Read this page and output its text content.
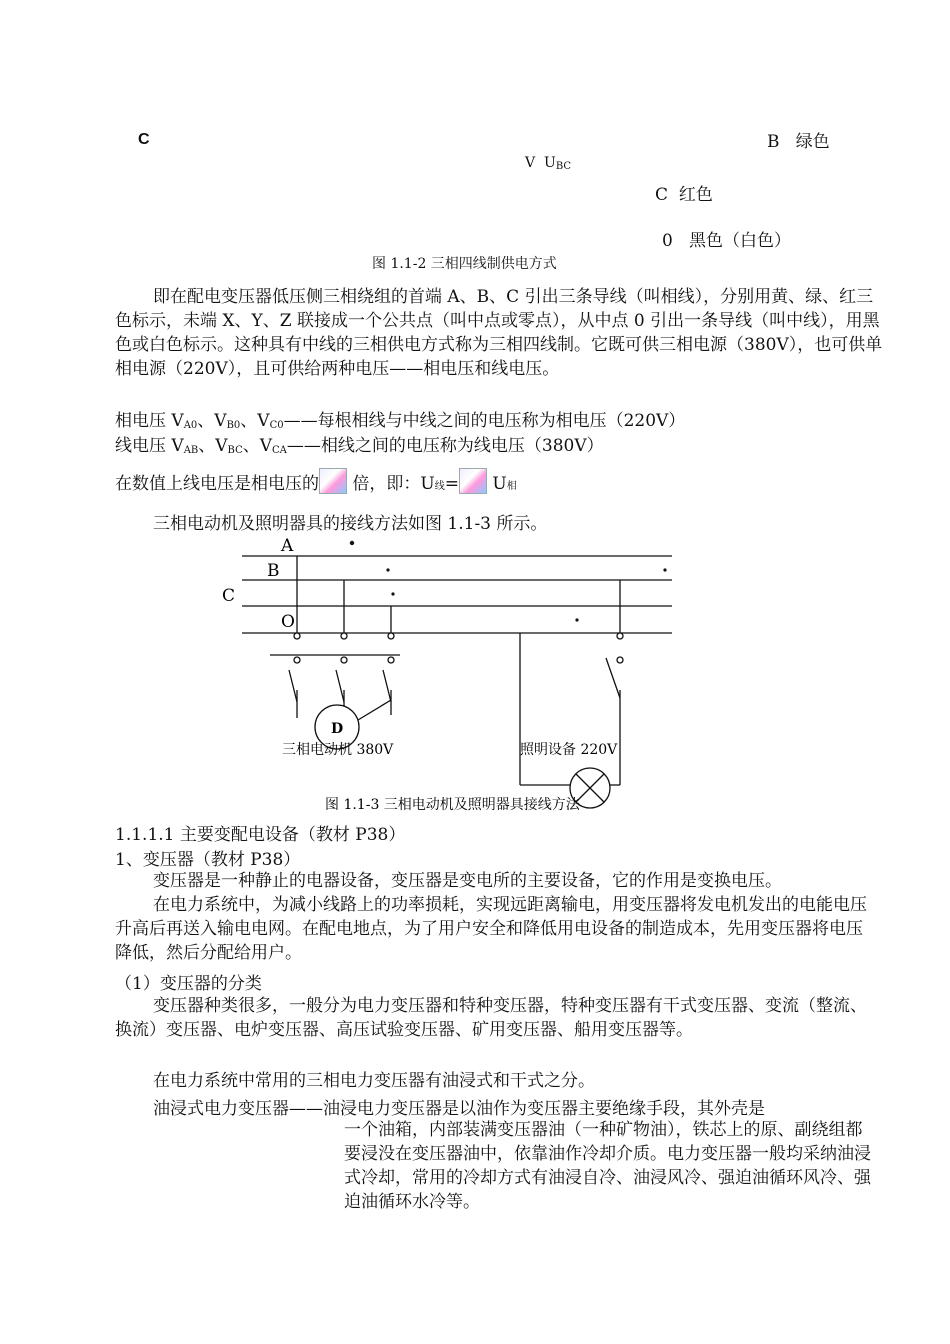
C	B 绿色
V $U_{BC}$
C 红色
0 黑色（白色）
图 1.1-2 三相四线制供电方式
即在配电变压器低压侧三相绕组的首端 A、B、C 引出三条导线（叫相线），分别用黄、绿、红三色标示，未端 X、Y、Z 联接成一个公共点（叫中点或零点），从中点 0 引出一条导线（叫中线），用黑色或白色标示。这种具有中线的三相供电方式称为三相四线制。它既可供三相电源（380V），也可供单相电源（220V），且可供给两种电压——相电压和线电压。
相电压 $V_{A0}$、$V_{B0}$、$V_{C0}——$每根相线与中线之间的电压称为相电压（220V）
线电压 $V_{AB}$、$V_{BC}$、$V_{CA}——$相线之间的电压称为线电压（380V）
在数值上线电压是相电压的 倍，即：U线= U相
三相电动机及照明器具的接线方法如图 1.1-3 所示。
A
B
C
O
D
三相电动机 380V	照明设备 220V
图 1.1-3 三相电动机及照明器具接线方法
1.1.1.1 主要变配电设备（教材 P38）
1、变压器（教材 P38）
变压器是一种静止的电器设备，变压器是变电所的主要设备，它的作用是变换电压。
在电力系统中，为减小线路上的功率损耗，实现远距离输电，用变压器将发电机发出的电能电压升高后再送入输电电网。在配电地点，为了用户安全和降低用电设备的制造成本，先用变压器将电压降低，然后分配给用户。
（1）变压器的分类
变压器种类很多，一般分为电力变压器和特种变压器，特种变压器有干式变压器、变流（整流、换流）变压器、电炉变压器、高压试验变压器、矿用变压器、船用变压器等。
在电力系统中常用的三相电力变压器有油浸式和干式之分。
油浸式电力变压器——油浸电力变压器是以油作为变压器主要绝缘手段，其外壳是
一个油箱，内部装满变压器油（一种矿物油），铁芯上的原、副绕组都要浸没在变压器油中，依靠油作冷却介质。电力变压器一般均采纳油浸式冷却，常用的冷却方式有油浸自冷、油浸风冷、强迫油循环风冷、强迫油循环水冷等。
